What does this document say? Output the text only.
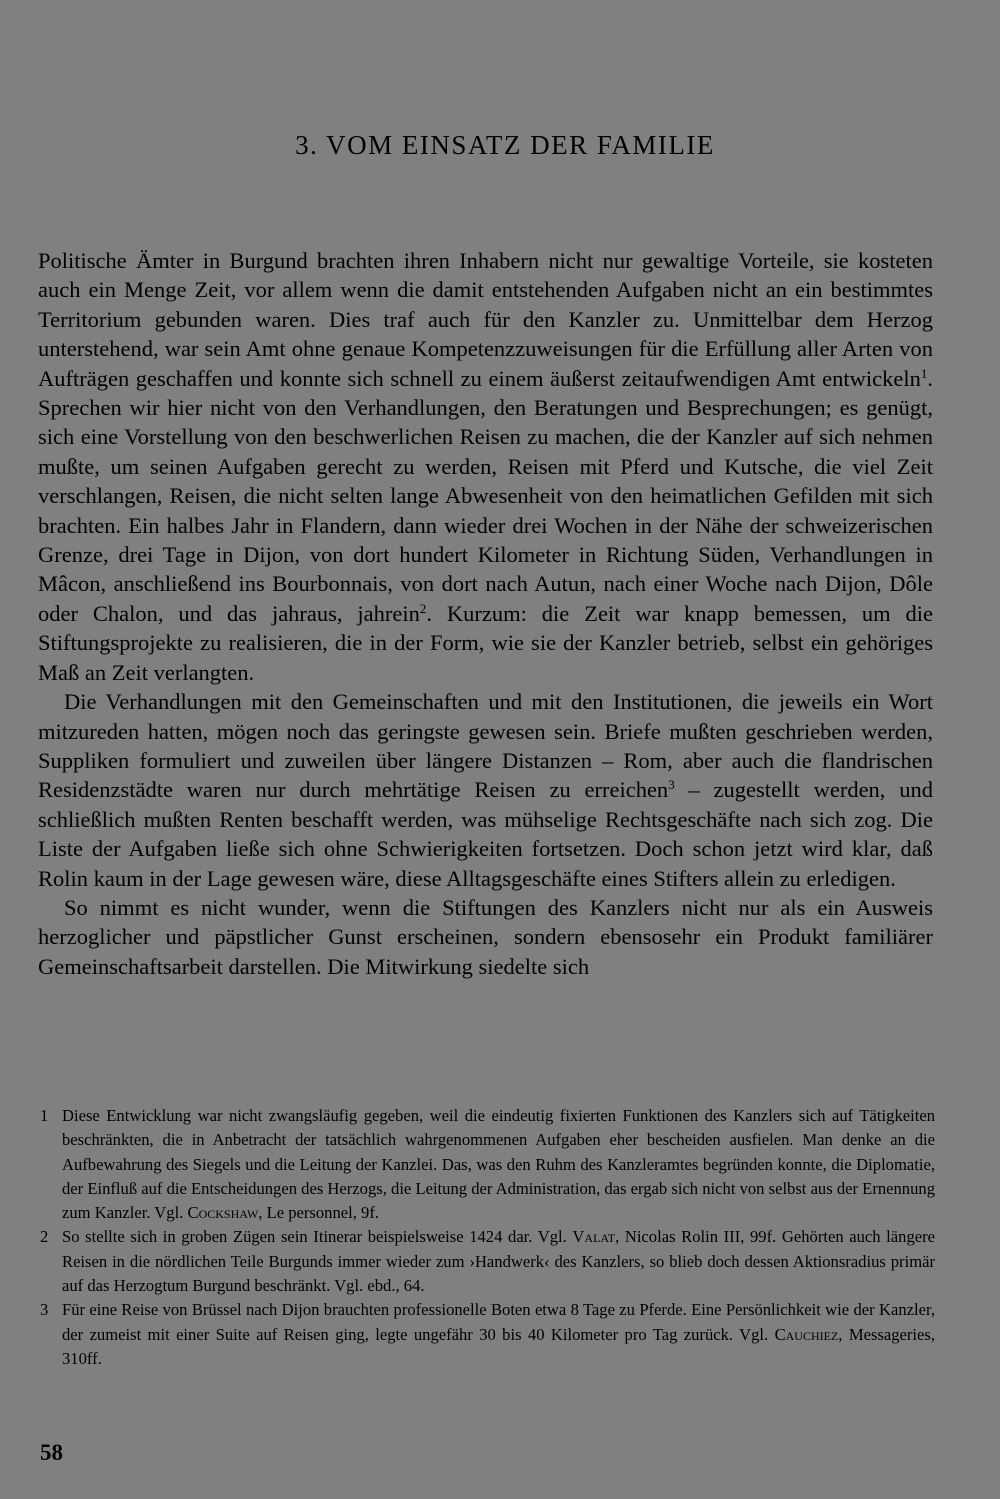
3. VOM EINSATZ DER FAMILIE

Politische Ämter in Burgund brachten ihren Inhabern nicht nur gewaltige Vorteile, sie kosteten auch ein Menge Zeit, vor allem wenn die damit entstehenden Aufgaben nicht an ein bestimmtes Territorium gebunden waren. Dies traf auch für den Kanzler zu. Unmittelbar dem Herzog unterstehend, war sein Amt ohne genaue Kompetenzzuweisungen für die Erfüllung aller Arten von Aufträgen geschaffen und konnte sich schnell zu einem äußerst zeitaufwendigen Amt entwickeln$^1$. Sprechen wir hier nicht von den Verhandlungen, den Beratungen und Besprechungen; es genügt, sich eine Vorstellung von den beschwerlichen Reisen zu machen, die der Kanzler auf sich nehmen mußte, um seinen Aufgaben gerecht zu werden, Reisen mit Pferd und Kutsche, die viel Zeit verschlangen, Reisen, die nicht selten lange Abwesenheit von den heimatlichen Gefilden mit sich brachten. Ein halbes Jahr in Flandern, dann wieder drei Wochen in der Nähe der schweizerischen Grenze, drei Tage in Dijon, von dort hundert Kilometer in Richtung Süden, Verhandlungen in Mâcon, anschließend ins Bourbonnais, von dort nach Autun, nach einer Woche nach Dijon, Dôle oder Chalon, und das jahraus, jahrein$^2$. Kurzum: die Zeit war knapp bemessen, um die Stiftungsprojekte zu realisieren, die in der Form, wie sie der Kanzler betrieb, selbst ein gehöriges Maß an Zeit verlangten.

Die Verhandlungen mit den Gemeinschaften und mit den Institutionen, die jeweils ein Wort mitzureden hatten, mögen noch das geringste gewesen sein. Briefe mußten geschrieben werden, Suppliken formuliert und zuweilen über längere Distanzen – Rom, aber auch die flandrischen Residenzstädte waren nur durch mehrtätige Reisen zu erreichen$^3$ – zugestellt werden, und schließlich mußten Renten beschafft werden, was mühselige Rechtsgeschäfte nach sich zog. Die Liste der Aufgaben ließe sich ohne Schwierigkeiten fortsetzen. Doch schon jetzt wird klar, daß Rolin kaum in der Lage gewesen wäre, diese Alltagsgeschäfte eines Stifters allein zu erledigen.

So nimmt es nicht wunder, wenn die Stiftungen des Kanzlers nicht nur als ein Ausweis herzoglicher und päpstlicher Gunst erscheinen, sondern ebensosehr ein Produkt familiärer Gemeinschaftsarbeit darstellen. Die Mitwirkung siedelte sich

1 Diese Entwicklung war nicht zwangsläufig gegeben, weil die eindeutig fixierten Funktionen des Kanzlers sich auf Tätigkeiten beschränkten, die in Anbetracht der tatsächlich wahrgenommenen Aufgaben eher bescheiden ausfielen. Man denke an die Aufbewahrung des Siegels und die Leitung der Kanzlei. Das, was den Ruhm des Kanzleramtes begründen konnte, die Diplomatie, der Einfluß auf die Entscheidungen des Herzogs, die Leitung der Administration, das ergab sich nicht von selbst aus der Ernennung zum Kanzler. Vgl. Cockshaw, Le personnel, 9f.
2 So stellte sich in groben Zügen sein Itinerar beispielsweise 1424 dar. Vgl. Valat, Nicolas Rolin III, 99f. Gehörten auch längere Reisen in die nördlichen Teile Burgunds immer wieder zum ›Handwerk‹ des Kanzlers, so blieb doch dessen Aktionsradius primär auf das Herzogtum Burgund beschränkt. Vgl. ebd., 64.
3 Für eine Reise von Brüssel nach Dijon brauchten professionelle Boten etwa 8 Tage zu Pferde. Eine Persönlichkeit wie der Kanzler, der zumeist mit einer Suite auf Reisen ging, legte ungefähr 30 bis 40 Kilometer pro Tag zurück. Vgl. Cauchiez, Messageries, 310ff.
58
